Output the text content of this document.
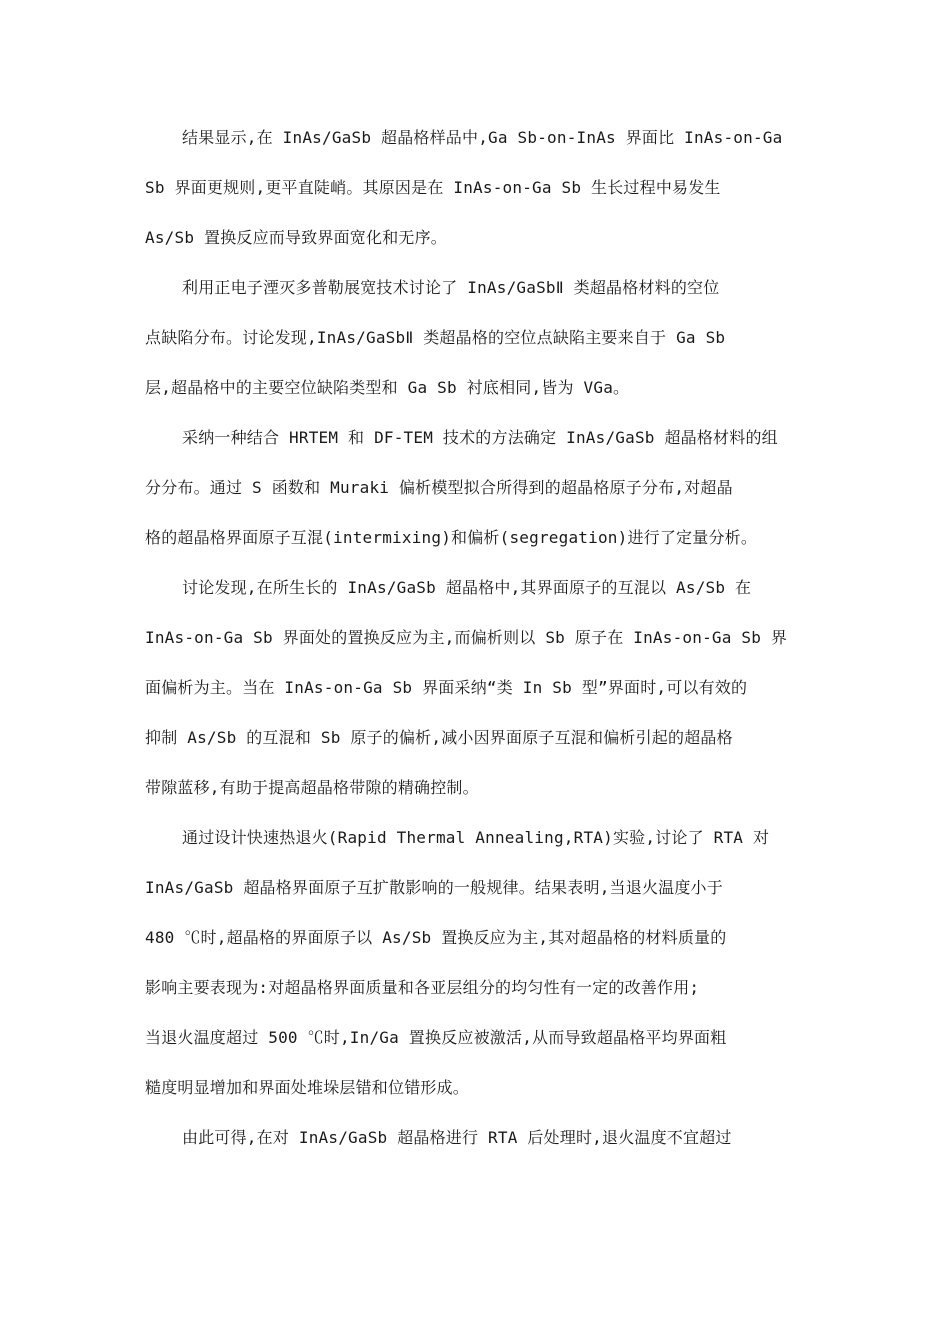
结果显示,在 InAs/GaSb 超晶格样品中,Ga Sb-on-InAs 界面比 InAs-on-Ga
Sb 界面更规则,更平直陡峭。其原因是在 InAs-on-Ga Sb 生长过程中易发生
As/Sb 置换反应而导致界面宽化和无序。
利用正电子湮灭多普勒展宽技术讨论了 InAs/GaSbⅡ 类超晶格材料的空位
点缺陷分布。讨论发现,InAs/GaSbⅡ 类超晶格的空位点缺陷主要来自于 Ga Sb
层,超晶格中的主要空位缺陷类型和 Ga Sb 衬底相同,皆为 VGa。
采纳一种结合 HRTEM 和 DF-TEM 技术的方法确定 InAs/GaSb 超晶格材料的组
分分布。通过 S 函数和 Muraki 偏析模型拟合所得到的超晶格原子分布,对超晶
格的超晶格界面原子互混(intermixing)和偏析(segregation)进行了定量分析。
讨论发现,在所生长的 InAs/GaSb 超晶格中,其界面原子的互混以 As/Sb 在
InAs-on-Ga Sb 界面处的置换反应为主,而偏析则以 Sb 原子在 InAs-on-Ga Sb 界
面偏析为主。当在 InAs-on-Ga Sb 界面采纳“类 In Sb 型”界面时,可以有效的
抑制 As/Sb 的互混和 Sb 原子的偏析,减小因界面原子互混和偏析引起的超晶格
带隙蓝移,有助于提高超晶格带隙的精确控制。
通过设计快速热退火(Rapid Thermal Annealing,RTA)实验,讨论了 RTA 对
InAs/GaSb 超晶格界面原子互扩散影响的一般规律。结果表明,当退火温度小于
480 ℃时,超晶格的界面原子以 As/Sb 置换反应为主,其对超晶格的材料质量的
影响主要表现为:对超晶格界面质量和各亚层组分的均匀性有一定的改善作用;
当退火温度超过 500 ℃时,In/Ga 置换反应被激活,从而导致超晶格平均界面粗
糙度明显增加和界面处堆垛层错和位错形成。
由此可得,在对 InAs/GaSb 超晶格进行 RTA 后处理时,退火温度不宜超过
